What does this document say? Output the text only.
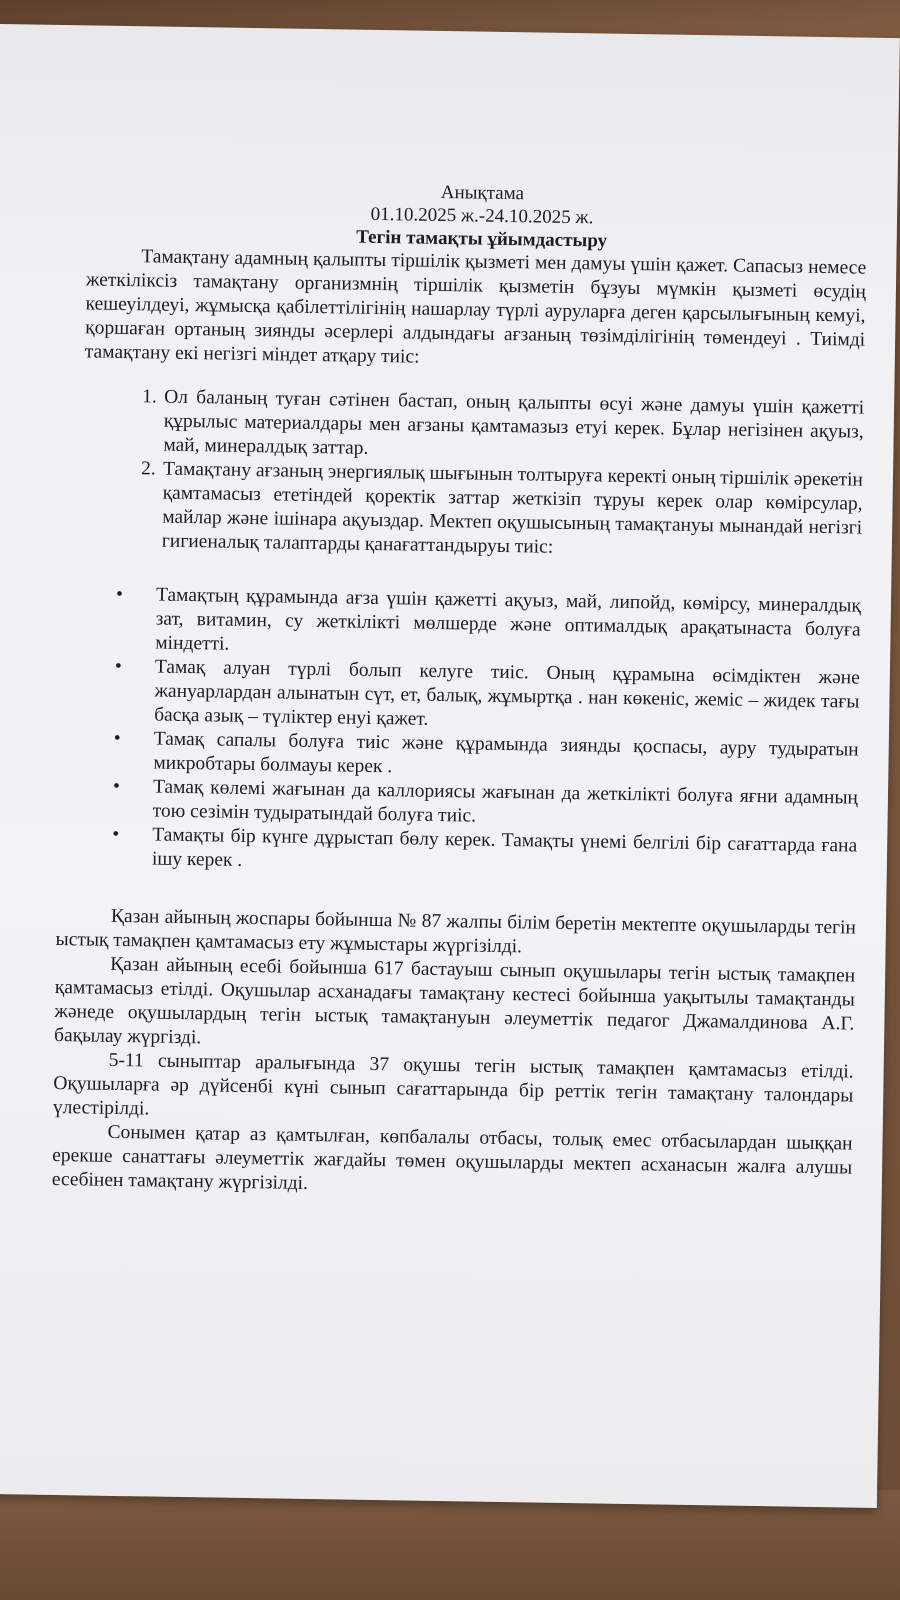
Анықтама
01.10.2025 ж.-24.10.2025 ж.
Тегін тамақты ұйымдастыру

Тамақтану адамның қалыпты тіршілік қызметі мен дамуы үшін қажет. Сапасыз немесе жеткіліксіз тамақтану организмнің тіршілік қызметін бұзуы мүмкін қызметі өсудің кешеуілдеуі, жұмысқа қабілеттілігінің нашарлау түрлі ауруларға деген қарсылығының кемуі, қоршаған ортаның зиянды әсерлері алдындағы ағзаның төзімділігінің төмендеуі . Тиімді тамақтану екі негізгі міндет атқару тиіс:

1. Ол баланың туған сәтінен бастап, оның қалыпты өсуі және дамуы үшін қажетті құрылыс материалдары мен ағзаны қамтамазыз етуі керек. Бұлар негізінен ақуыз, май, минералдық заттар.
2. Тамақтану ағзаның энергиялық шығынын толтыруға керекті оның тіршілік әрекетін қамтамасыз ететіндей қоректік заттар жеткізіп тұруы керек олар көмірсулар, майлар және ішінара ақуыздар. Мектеп оқушысының тамақтануы мынандай негізгі гигиеналық талаптарды қанағаттандыруы тиіс:
• Тамақтың құрамында ағза үшін қажетті ақуыз, май, липойд, көмірсу, минералдық зат, витамин, су жеткілікті мөлшерде және оптималдық арақатынаста болуға міндетті.
• Тамақ алуан түрлі болып келуге тиіс. Оның құрамына өсімдіктен және жануарлардан алынатын сүт, ет, балық, жұмыртқа . нан көкеніс, жеміс – жидек тағы басқа азық – түліктер енуі қажет.
• Тамақ сапалы болуға тиіс және құрамында зиянды қоспасы, ауру тудыратын микробтары болмауы керек .
• Тамақ көлемі жағынан да каллориясы жағынан да жеткілікті болуға яғни адамның тою сезімін тудыратындай болуға тиіс.
• Тамақты бір күнге дұрыстап бөлу керек. Тамақты үнемі белгілі бір сағаттарда ғана ішу керек .

Қазан айының жоспары бойынша № 87 жалпы білім беретін мектепте оқушыларды тегін ыстық тамақпен қамтамасыз ету жұмыстары жүргізілді.

Қазан айының есебі бойынша 617 бастауыш сынып оқушылары тегін ыстық тамақпен қамтамасыз етілді. Оқушылар асханадағы тамақтану кестесі бойынша уақытылы тамақтанды жәнеде оқушылардың тегін ыстық тамақтануын әлеуметтік педагог Джамалдинова А.Г. бақылау жүргізді.

5-11 сыныптар аралығында 37 оқушы тегін ыстық тамақпен қамтамасыз етілді. Оқушыларға әр дүйсенбі күні сынып сағаттарында бір реттік тегін тамақтану талондары үлестірілді.

Сонымен қатар аз қамтылған, көпбалалы отбасы, толық емес отбасылардан шыққан ерекше санаттағы әлеуметтік жағдайы төмен оқушыларды мектеп асханасын жалға алушы есебінен тамақтану жүргізілді.
